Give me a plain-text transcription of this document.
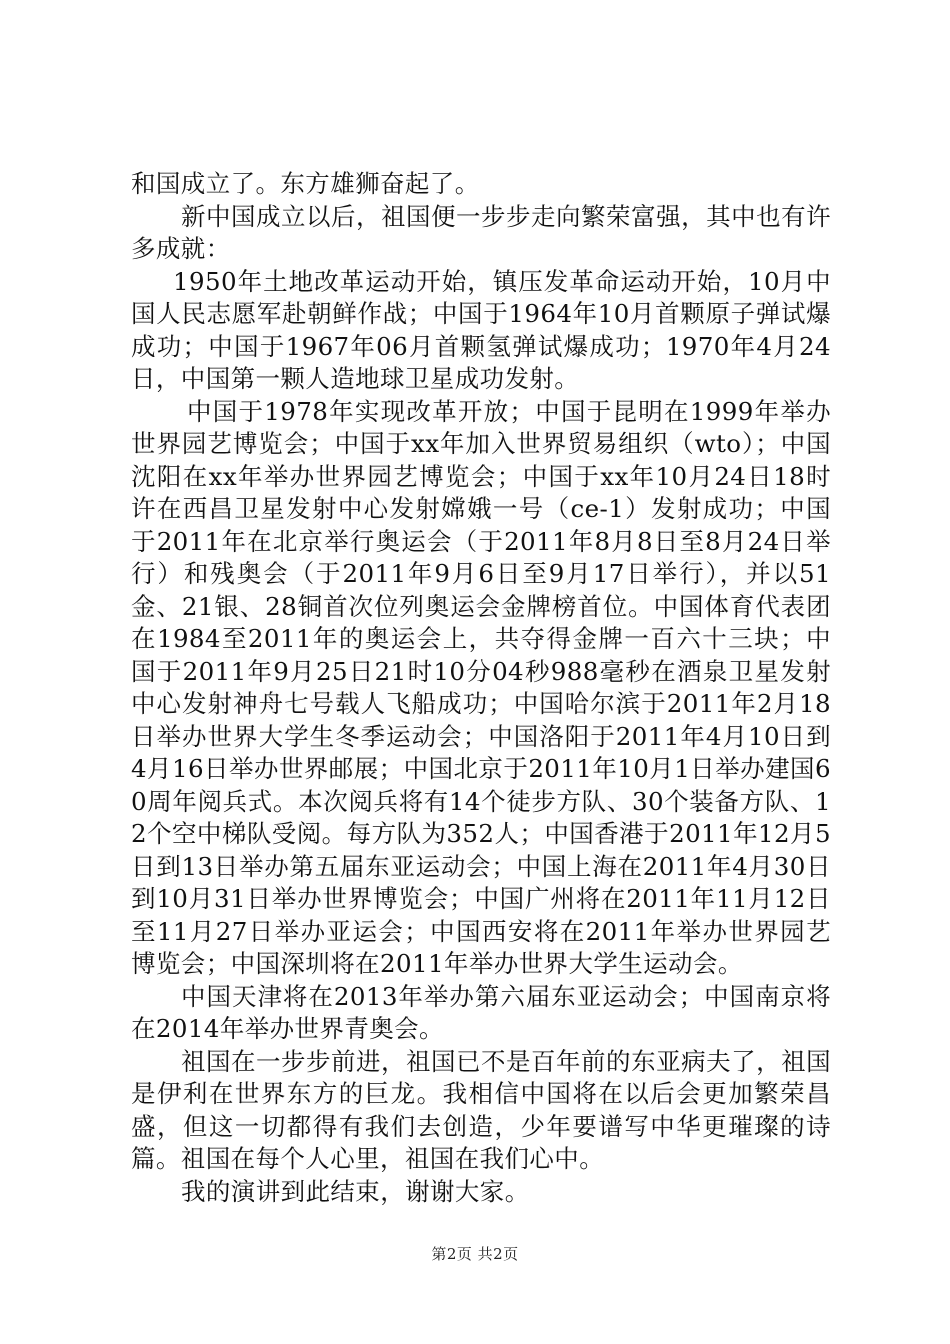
和国成立了。东方雄狮奋起了。

新中国成立以后，祖国便一步步走向繁荣富强，其中也有许多成就：

1950年土地改革运动开始，镇压发革命运动开始，10月中国人民志愿军赴朝鲜作战；中国于1964年10月首颗原子弹试爆成功；中国于1967年06月首颗氢弹试爆成功；1970年4月24日，中国第一颗人造地球卫星成功发射。

中国于1978年实现改革开放；中国于昆明在1999年举办世界园艺博览会；中国于xx年加入世界贸易组织（wto）；中国沈阳在xx年举办世界园艺博览会；中国于xx年10月24日18时许在西昌卫星发射中心发射嫦娥一号（ce-1）发射成功；中国于2011年在北京举行奥运会（于2011年8月8日至8月24日举行）和残奥会（于2011年9月6日至9月17日举行），并以51金、21银、28铜首次位列奥运会金牌榜首位。中国体育代表团在1984至2011年的奥运会上，共夺得金牌一百六十三块；中国于2011年9月25日21时10分04秒988毫秒在酒泉卫星发射中心发射神舟七号载人飞船成功；中国哈尔滨于2011年2月18日举办世界大学生冬季运动会；中国洛阳于2011年4月10日到4月16日举办世界邮展；中国北京于2011年10月1日举办建国60周年阅兵式。本次阅兵将有14个徒步方队、30个装备方队、12个空中梯队受阅。每方队为352人；中国香港于2011年12月5日到13日举办第五届东亚运动会；中国上海在2011年4月30日到10月31日举办世界博览会；中国广州将在2011年11月12日至11月27日举办亚运会；中国西安将在2011年举办世界园艺博览会；中国深圳将在2011年举办世界大学生运动会。

中国天津将在2013年举办第六届东亚运动会；中国南京将在2014年举办世界青奥会。

祖国在一步步前进，祖国已不是百年前的东亚病夫了，祖国是伊利在世界东方的巨龙。我相信中国将在以后会更加繁荣昌盛，但这一切都得有我们去创造，少年要谱写中华更璀璨的诗篇。祖国在每个人心里，祖国在我们心中。

我的演讲到此结束，谢谢大家。

第2页 共2页
